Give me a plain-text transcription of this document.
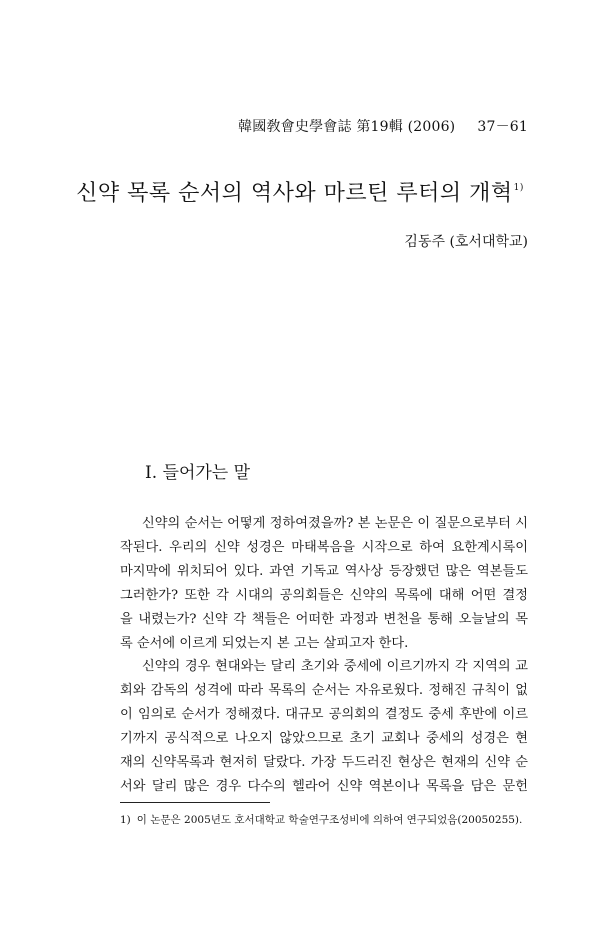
韓國敎會史學會誌 第19輯 (2006) 37－61
신약 목록 순서의 역사와 마르틴 루터의 개혁$^{1)}$
김동주 (호서대학교)
I. 들어가는 말
신약의 순서는 어떻게 정하여졌을까? 본 논문은 이 질문으로부터 시
작된다. 우리의 신약 성경은 마태복음을 시작으로 하여 요한계시록이
마지막에 위치되어 있다. 과연 기독교 역사상 등장했던 많은 역본들도
그러한가? 또한 각 시대의 공의회들은 신약의 목록에 대해 어떤 결정
을 내렸는가? 신약 각 책들은 어떠한 과정과 변천을 통해 오늘날의 목
록 순서에 이르게 되었는지 본 고는 살피고자 한다.
신약의 경우 현대와는 달리 초기와 중세에 이르기까지 각 지역의 교
회와 감독의 성격에 따라 목록의 순서는 자유로웠다. 정해진 규칙이 없
이 임의로 순서가 정해졌다. 대규모 공의회의 결정도 중세 후반에 이르
기까지 공식적으로 나오지 않았으므로 초기 교회나 중세의 성경은 현
재의 신약목록과 현저히 달랐다. 가장 두드러진 현상은 현재의 신약 순
서와 달리 많은 경우 다수의 헬라어 신약 역본이나 목록을 담은 문헌
1) 이 논문은 2005년도 호서대학교 학술연구조성비에 의하여 연구되었음(20050255).
